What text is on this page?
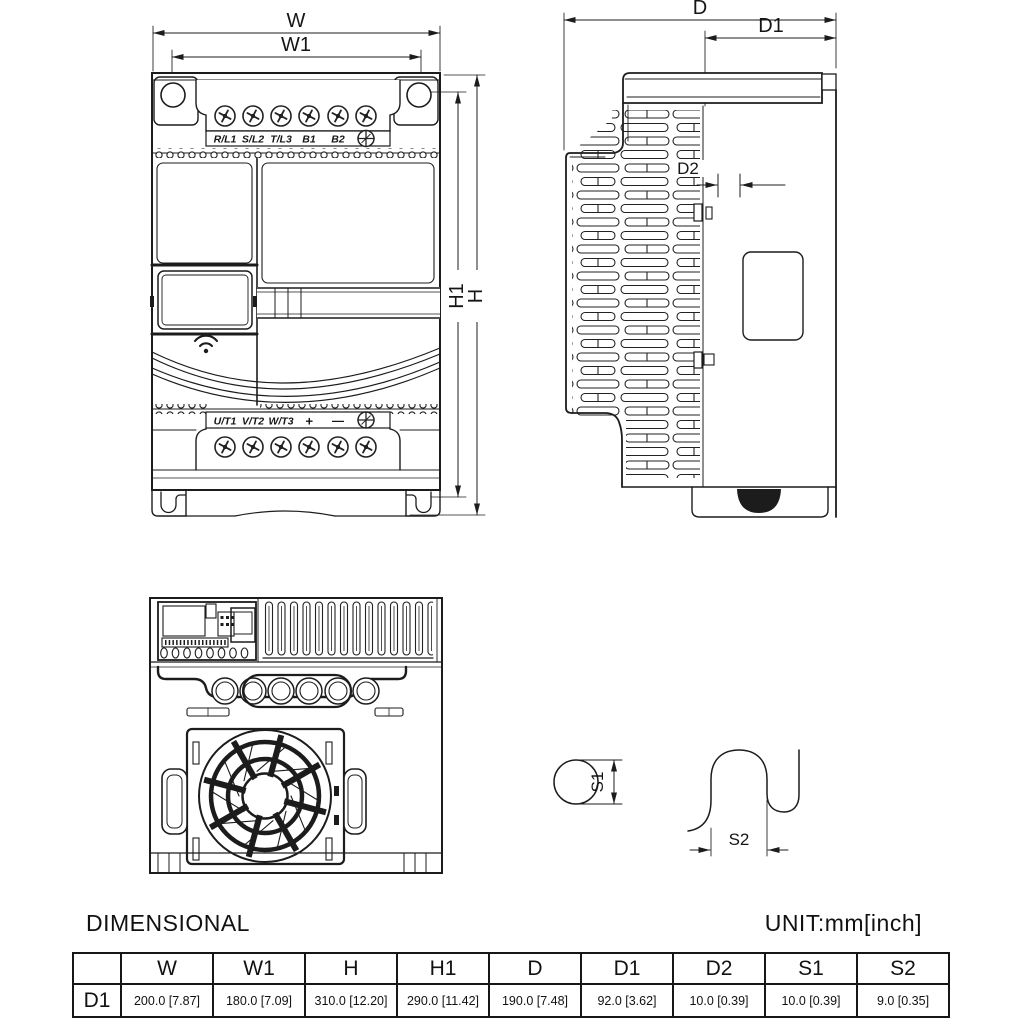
W
W1
R/L1 S/L2 T/L3 B1 B2
U/T1 V/T2 W/T3 + —
H1
H
D
D1
D2
S1
S2
DIMENSIONAL	UNIT:mm[inch]
	W	W1	H	H1	D	D1	D2	S1	S2
D1	200.0 [7.87]	180.0 [7.09]	310.0 [12.20]	290.0 [11.42]	190.0 [7.48]	92.0 [3.62]	10.0 [0.39]	10.0 [0.39]	9.0 [0.35]
